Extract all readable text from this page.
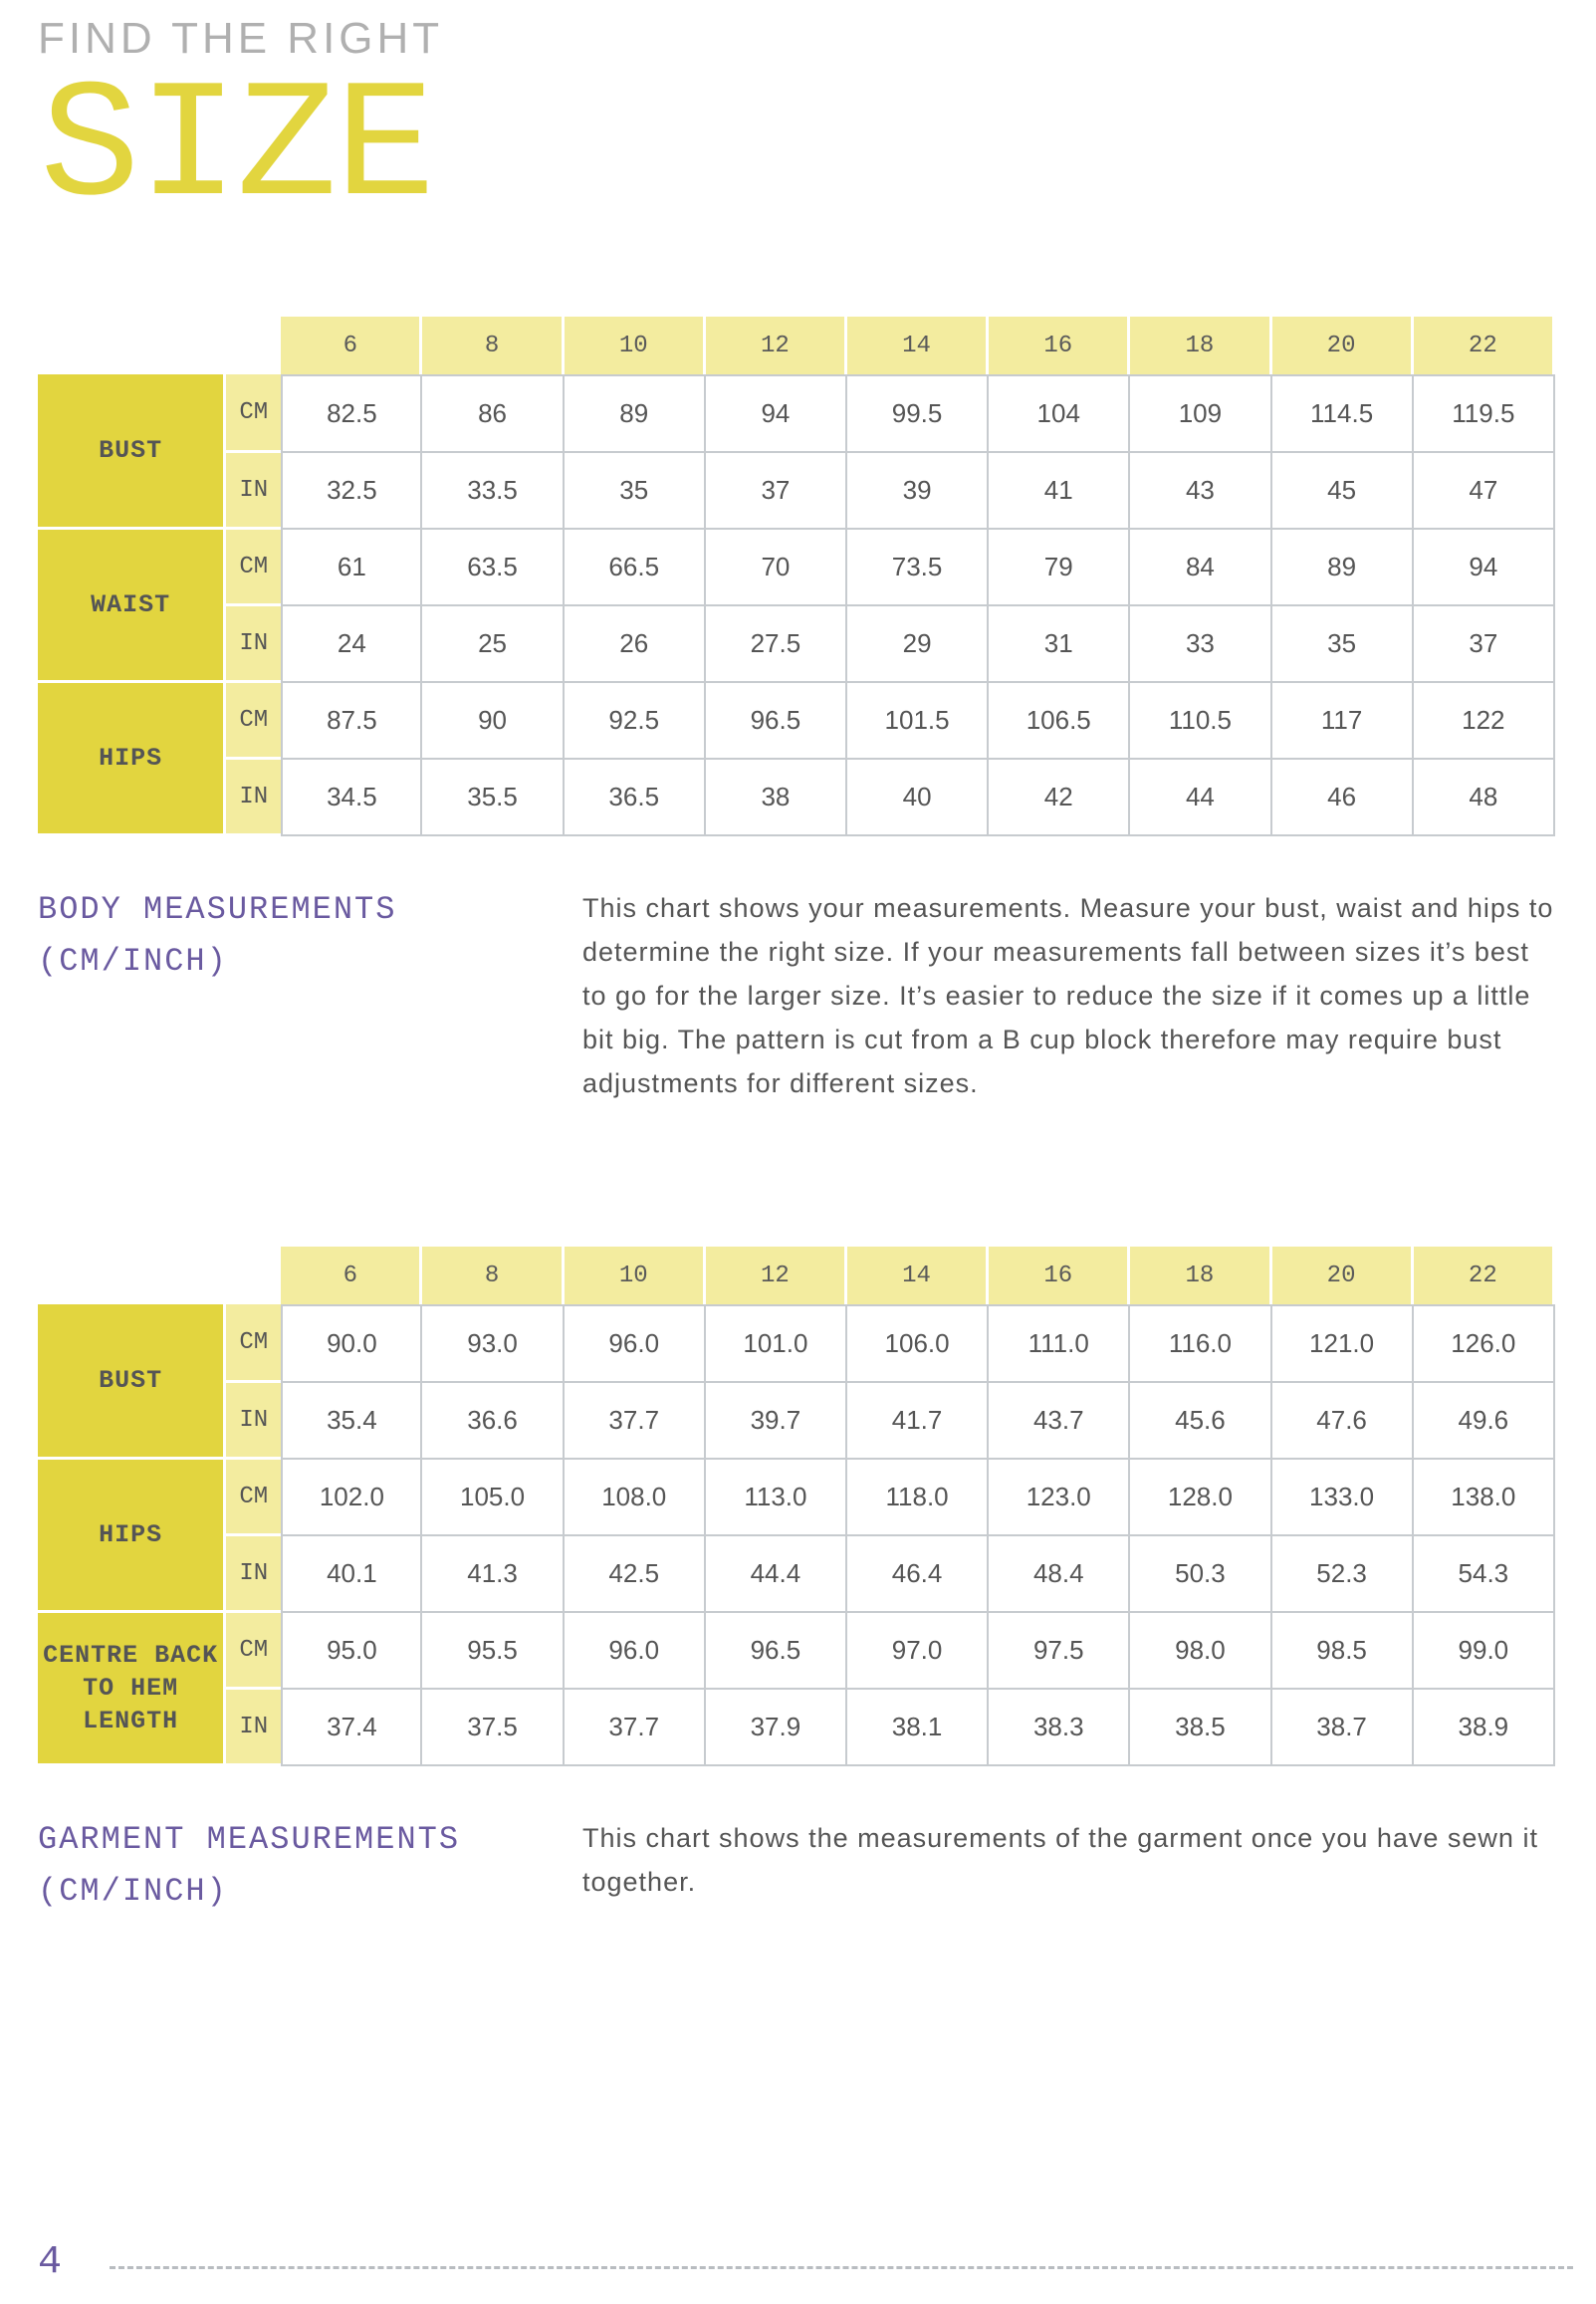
FIND THE RIGHT
SIZE
		6	8	10	12	14	16	18	20	22
BUST	CM	82.5	86	89	94	99.5	104	109	114.5	119.5
	IN	32.5	33.5	35	37	39	41	43	45	47
WAIST	CM	61	63.5	66.5	70	73.5	79	84	89	94
	IN	24	25	26	27.5	29	31	33	35	37
HIPS	CM	87.5	90	92.5	96.5	101.5	106.5	110.5	117	122
	IN	34.5	35.5	36.5	38	40	42	44	46	48
BODY MEASUREMENTS
(CM/INCH)
This chart shows your measurements. Measure your bust, waist and hips to determine the right size. If your measurements fall between sizes it’s best to go for the larger size. It’s easier to reduce the size if it comes up a little bit big. The pattern is cut from a B cup block therefore may require bust adjustments for different sizes.
		6	8	10	12	14	16	18	20	22
BUST	CM	90.0	93.0	96.0	101.0	106.0	111.0	116.0	121.0	126.0
	IN	35.4	36.6	37.7	39.7	41.7	43.7	45.6	47.6	49.6
HIPS	CM	102.0	105.0	108.0	113.0	118.0	123.0	128.0	133.0	138.0
	IN	40.1	41.3	42.5	44.4	46.4	48.4	50.3	52.3	54.3
CENTRE BACK TO HEM LENGTH	CM	95.0	95.5	96.0	96.5	97.0	97.5	98.0	98.5	99.0
	IN	37.4	37.5	37.7	37.9	38.1	38.3	38.5	38.7	38.9
GARMENT MEASUREMENTS
(CM/INCH)
This chart shows the measurements of the garment once you have sewn it together.
4
